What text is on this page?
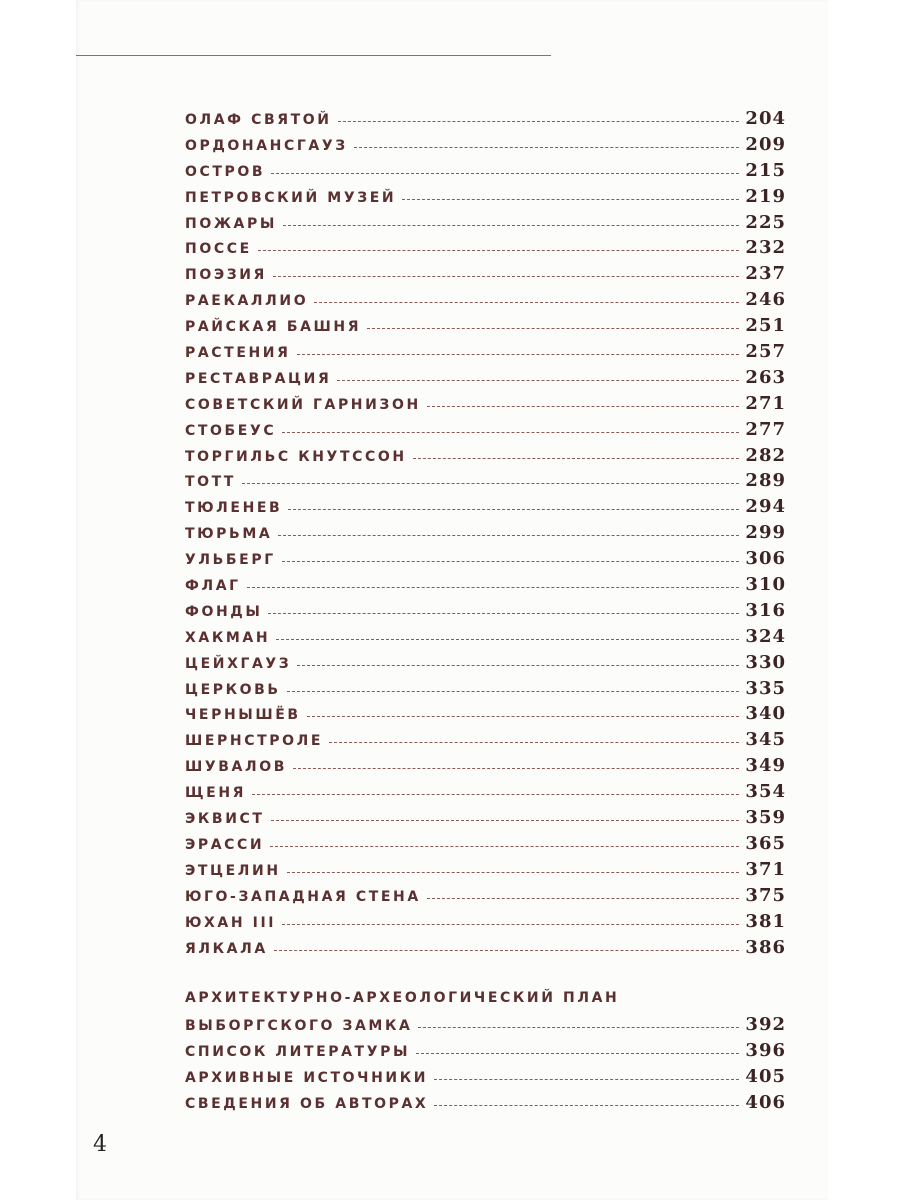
ОЛАФ СВЯТОЙ	204
ОРДОНАНСГАУЗ	209
ОСТРОВ	215
ПЕТРОВСКИЙ МУЗЕЙ	219
ПОЖАРЫ	225
ПОССЕ	232
ПОЭЗИЯ	237
РАЕКАЛЛИО	246
РАЙСКАЯ БАШНЯ	251
РАСТЕНИЯ	257
РЕСТАВРАЦИЯ	263
СОВЕТСКИЙ ГАРНИЗОН	271
СТОБЕУС	277
ТОРГИЛЬС КНУТССОН	282
ТОТТ	289
ТЮЛЕНЕВ	294
ТЮРЬМА	299
УЛЬБЕРГ	306
ФЛАГ	310
ФОНДЫ	316
ХАКМАН	324
ЦЕЙХГАУЗ	330
ЦЕРКОВЬ	335
ЧЕРНЫШЁВ	340
ШЕРНСТРОЛЕ	345
ШУВАЛОВ	349
ЩЕНЯ	354
ЭКВИСТ	359
ЭРАССИ	365
ЭТЦЕЛИН	371
ЮГО-ЗАПАДНАЯ СТЕНА	375
ЮХАН III	381
ЯЛКАЛА	386
АРХИТЕКТУРНО-АРХЕОЛОГИЧЕСКИЙ ПЛАН
ВЫБОРГСКОГО ЗАМКА	392
СПИСОК ЛИТЕРАТУРЫ	396
АРХИВНЫЕ ИСТОЧНИКИ	405
СВЕДЕНИЯ ОБ АВТОРАХ	406
4
